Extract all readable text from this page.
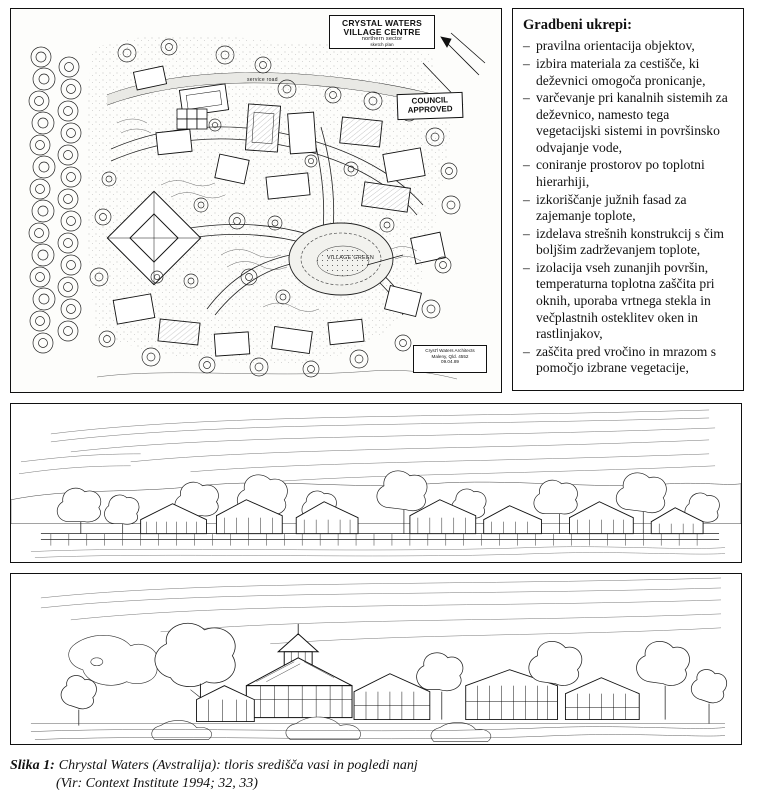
CRYSTAL WATERS
VILLAGE CENTRE
northern sector
sketch plan
COUNCIL
APPROVED
service road
VILLAGE GREEN
Cryst'l Waters Architects
Maleny, Qld. 4552
09.04.89
Gradbeni ukrepi:
– pravilna orientacija objektov,
– izbira materiala za cestišče, ki deževnici omogoča pronicanje,
– varčevanje pri kanalnih sistemih za deževnico, namesto tega vegetacijski sistemi in površinsko odvajanje vode,
– coniranje prostorov po toplotni hierarhiji,
– izkoriščanje južnih fasad za zajemanje toplote,
– izdelava strešnih konstrukcij s čim boljšim zadrževanjem toplote,
– izolacija vseh zunanjih površin, temperaturna toplotna zaščita pri oknih, uporaba vrtnega stekla in večplastnih osteklitev oken in rastlinjakov,
– zaščita pred vročino in mrazom s pomočjo izbrane vegetacije,
Slika 1: Chrystal Waters (Avstralija): tloris središča vasi in pogledi nanj
(Vir: Context Institute 1994; 32, 33)
